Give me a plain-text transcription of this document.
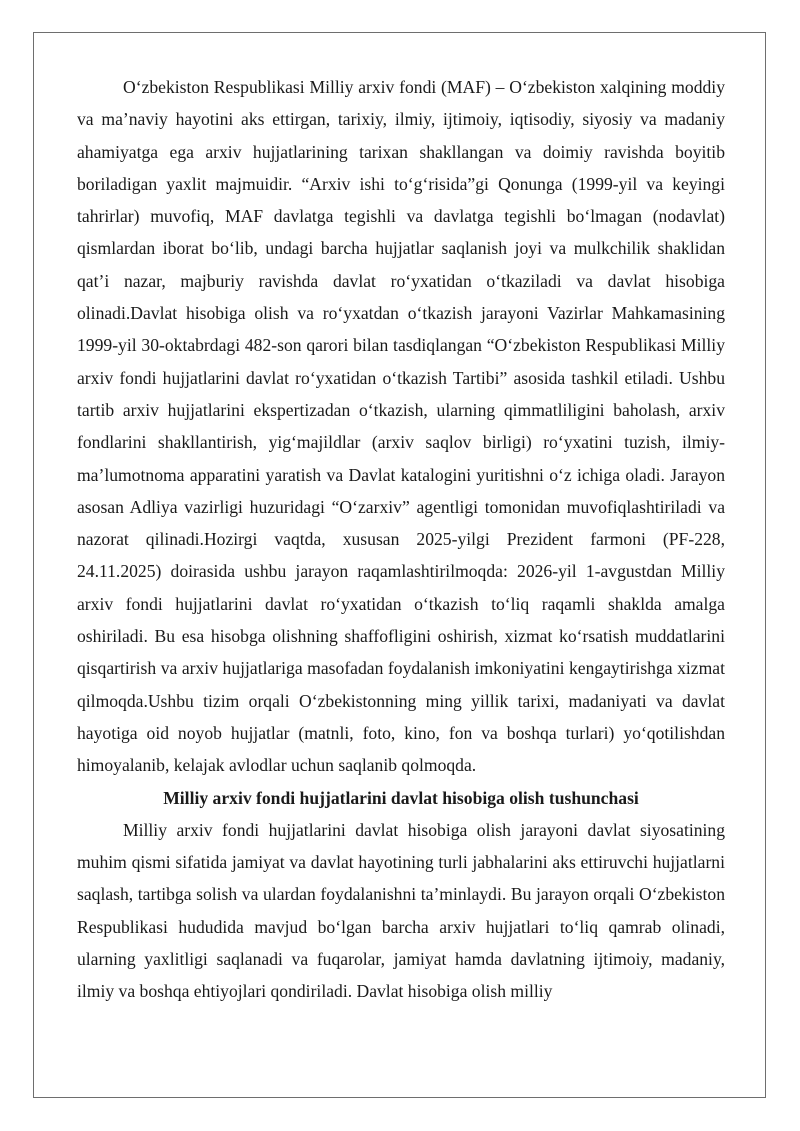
O‘zbekiston Respublikasi Milliy arxiv fondi (MAF) – O‘zbekiston xalqining moddiy va ma’naviy hayotini aks ettirgan, tarixiy, ilmiy, ijtimoiy, iqtisodiy, siyosiy va madaniy ahamiyatga ega arxiv hujjatlarining tarixan shakllangan va doimiy ravishda boyitib boriladigan yaxlit majmuidir. “Arxiv ishi to‘g‘risida”gi Qonunga (1999-yil va keyingi tahrirlar) muvofiq, MAF davlatga tegishli va davlatga tegishli bo‘lmagan (nodavlat) qismlardan iborat bo‘lib, undagi barcha hujjatlar saqlanish joyi va mulkchilik shaklidan qat’i nazar, majburiy ravishda davlat ro‘yxatidan o‘tkaziladi va davlat hisobiga olinadi.Davlat hisobiga olish va ro‘yxatdan o‘tkazish jarayoni Vazirlar Mahkamasining 1999-yil 30-oktabrdagi 482-son qarori bilan tasdiqlangan “O‘zbekiston Respublikasi Milliy arxiv fondi hujjatlarini davlat ro‘yxatidan o‘tkazish Tartibi” asosida tashkil etiladi. Ushbu tartib arxiv hujjatlarini ekspertizadan o‘tkazish, ularning qimmatliligini baholash, arxiv fondlarini shakllantirish, yig‘majildlar (arxiv saqlov birligi) ro‘yxatini tuzish, ilmiy-ma’lumotnoma apparatini yaratish va Davlat katalogini yuritishni o‘z ichiga oladi. Jarayon asosan Adliya vazirligi huzuridagi “O‘zarxiv” agentligi tomonidan muvofiqlashtiriladi va nazorat qilinadi.Hozirgi vaqtda, xususan 2025-yilgi Prezident farmoni (PF-228, 24.11.2025) doirasida ushbu jarayon raqamlashtirilmoqda: 2026-yil 1-avgustdan Milliy arxiv fondi hujjatlarini davlat ro‘yxatidan o‘tkazish to‘liq raqamli shaklda amalga oshiriladi. Bu esa hisobga olishning shaffofligini oshirish, xizmat ko‘rsatish muddatlarini qisqartirish va arxiv hujjatlariga masofadan foydalanish imkoniyatini kengaytirishga xizmat qilmoqda.Ushbu tizim orqali O‘zbekistonning ming yillik tarixi, madaniyati va davlat hayotiga oid noyob hujjatlar (matnli, foto, kino, fon va boshqa turlari) yo‘qotilishdan himoyalanib, kelajak avlodlar uchun saqlanib qolmoqda.

Milliy arxiv fondi hujjatlarini davlat hisobiga olish tushunchasi

Milliy arxiv fondi hujjatlarini davlat hisobiga olish jarayoni davlat siyosatining muhim qismi sifatida jamiyat va davlat hayotining turli jabhalarini aks ettiruvchi hujjatlarni saqlash, tartibga solish va ulardan foydalanishni ta’minlaydi. Bu jarayon orqali O‘zbekiston Respublikasi hududida mavjud bo‘lgan barcha arxiv hujjatlari to‘liq qamrab olinadi, ularning yaxlitligi saqlanadi va fuqarolar, jamiyat hamda davlatning ijtimoiy, madaniy, ilmiy va boshqa ehtiyojlari qondiriladi. Davlat hisobiga olish milliy
